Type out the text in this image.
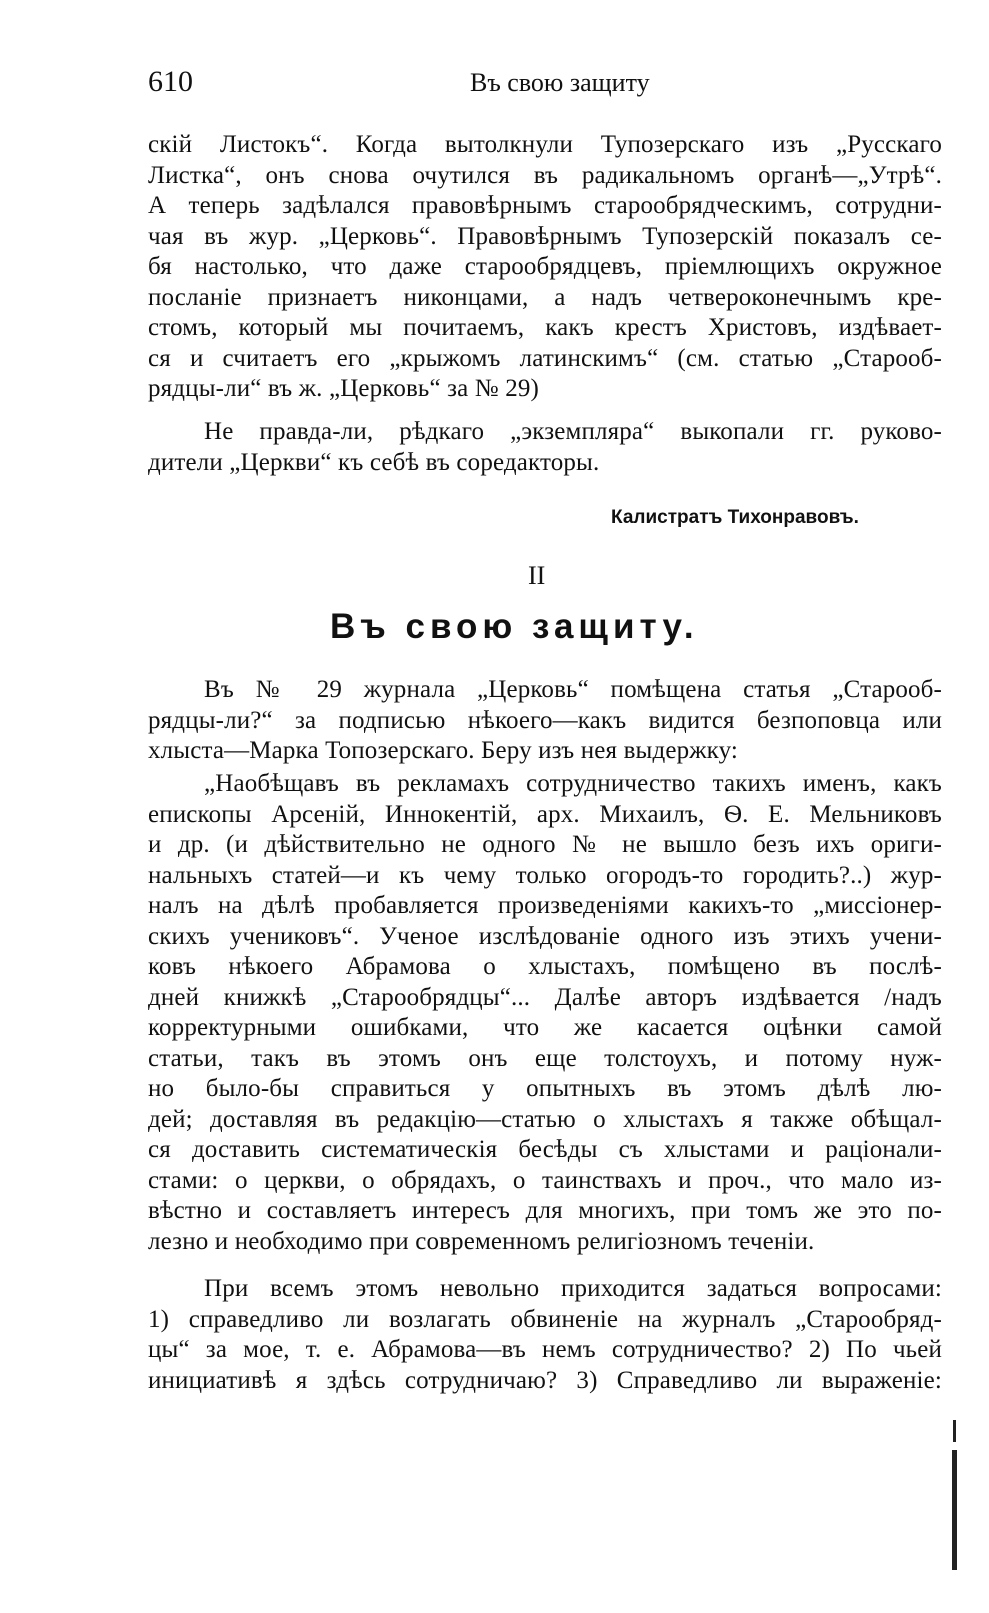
610	Въ свою защиту
скій Листокъ“. Когда вытолкнули Тупозерскаго изъ „Русскаго
Листка“, онъ снова очутился въ радикальномъ органѣ—„Утрѣ“.
А теперь задѣлался правовѣрнымъ старообрядческимъ, сотрудни-
чая въ жур. „Церковь“. Правовѣрнымъ Тупозерскій показалъ се-
бя настолько, что даже старообрядцевъ, пріемлющихъ окружное
посланіе признаетъ никонцами, а надъ четвероконечнымъ кре-
стомъ, который мы почитаемъ, какъ крестъ Христовъ, издѣвает-
ся и считаетъ его „крыжомъ латинскимъ“ (см. статью „Старооб-
рядцы-ли“ въ ж. „Церковь“ за № 29)
Не правда-ли, рѣдкаго „экземпляра“ выкопали гг. руково-
дители „Церкви“ къ себѣ въ соредакторы.
Калистратъ Тихонравовъ.
II
Въ свою защиту.
Въ № 29 журнала „Церковь“ помѣщена статья „Старооб-
рядцы-ли?“ за подписью нѣкоего—какъ видится безпоповца или
хлыста—Марка Топозерскаго. Беру изъ нея выдержку:
„Наобѣщавъ въ рекламахъ сотрудничество такихъ именъ, какъ
епископы Арсеній, Иннокентій, арх. Михаилъ, Ѳ. Е. Мельниковъ
и др. (и дѣйствительно не одного № не вышло безъ ихъ ориги-
нальныхъ статей—и къ чему только огородъ-то городить?..) жур-
налъ на дѣлѣ пробавляется произведеніями какихъ-то „миссіонер-
скихъ учениковъ“. Ученое изслѣдованіе одного изъ этихъ учени-
ковъ нѣкоего Абрамова о хлыстахъ, помѣщено въ послѣ-
дней книжкѣ „Старообрядцы“... Далѣе авторъ издѣвается /надъ
корректурными ошибками, что же касается оцѣнки самой
статьи, такъ въ этомъ онъ еще толстоухъ, и потому нуж-
но было-бы справиться у опытныхъ въ этомъ дѣлѣ лю-
дей; доставляя въ редакцію—статью о хлыстахъ я также обѣщал-
ся доставить систематическія бесѣды съ хлыстами и раціонали-
стами: о церкви, о обрядахъ, о таинствахъ и проч., что мало из-
вѣстно и составляетъ интересъ для многихъ, при томъ же это по-
лезно и необходимо при современномъ религіозномъ теченіи.
При всемъ этомъ невольно приходится задаться вопросами:
1) справедливо ли возлагать обвиненіе на журналъ „Старообряд-
цы“ за мое, т. е. Абрамова—въ немъ сотрудничество? 2) По чьей
инициативѣ я здѣсь сотрудничаю? 3) Справедливо ли выраженіе:
